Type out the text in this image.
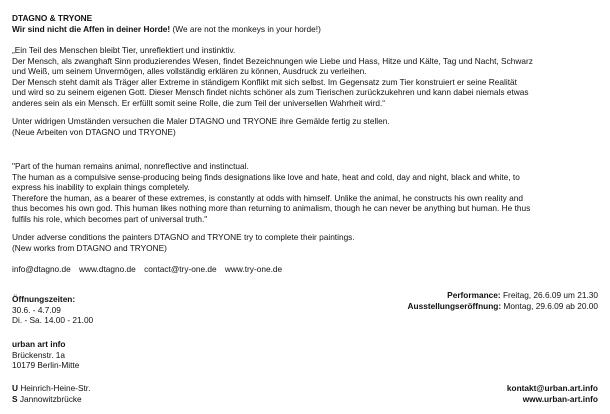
DTAGNO & TRYONE

Wir sind nicht die Affen in deiner Horde! (We are not the monkeys in your horde!)

„Ein Teil des Menschen bleibt Tier, unreflektiert und instinktiv.

Der Mensch, als zwanghaft Sinn produzierendes Wesen, findet Bezeichnungen wie Liebe und Hass, Hitze und Kälte, Tag und Nacht, Schwarz

und Weiß, um seinem Unvermögen, alles vollständig erklären zu können, Ausdruck zu verleihen.

Der Mensch steht damit als Träger aller Extreme in ständigem Konflikt mit sich selbst. Im Gegensatz zum Tier konstruiert er seine Realität

und wird so zu seinem eigenen Gott. Dieser Mensch findet nichts schöner als zum Tierischen zurückzukehren und kann dabei niemals etwas

anderes sein als ein Mensch. Er erfüllt somit seine Rolle, die zum Teil der universellen Wahrheit wird.“

Unter widrigen Umständen versuchen die Maler DTAGNO und TRYONE ihre Gemälde fertig zu stellen.

(Neue Arbeiten von DTAGNO und TRYONE)

"Part of the human remains animal, nonreflective and instinctual.

The human as a compulsive sense-producing being finds designations like love and hate, heat and cold, day and night, black and white, to

express his inability to explain things completely.

Therefore the human, as a bearer of these extremes, is constantly at odds with himself. Unlike the animal, he constructs his own reality and

thus becomes his own god. This human likes nothing more than returning to animalism, though he can never be anything but human. He thus

fulfils his role, which becomes part of universal truth."

Under adverse conditions the painters DTAGNO and TRYONE try to complete their paintings.

(New works from DTAGNO and TRYONE)

info@dtagno.de www.dtagno.de contact@try-one.de www.try-one.de

Öffnungszeiten:

30.6. - 4.7.09

Di. - Sa. 14.00 - 21.00

Performance: Freitag, 26.6.09 um 21.30

Ausstellungseröffnung: Montag, 29.6.09 ab 20.00

urban art info

Brückenstr. 1a

10179 Berlin-Mitte

U Heinrich-Heine-Str.

S Jannowitzbrücke

kontakt@urban.art.info

www.urban-art.info
